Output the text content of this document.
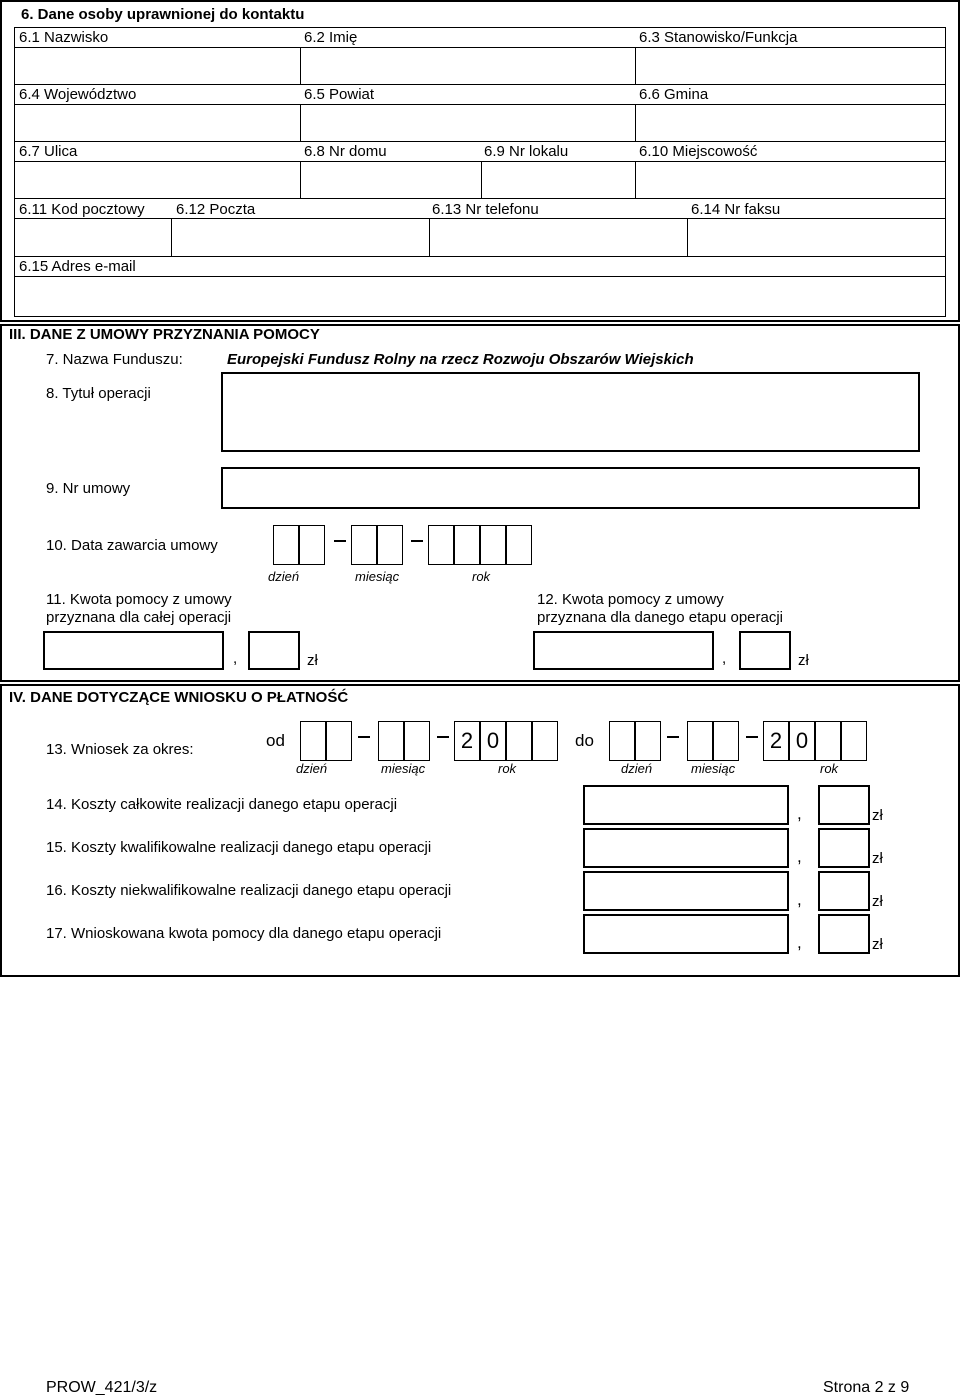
6. Dane osoby uprawnionej do kontaktu
6.1 Nazwisko	6.2 Imię	6.3 Stanowisko/Funkcja
6.4 Województwo	6.5 Powiat	6.6 Gmina
6.7 Ulica	6.8 Nr domu	6.9 Nr lokalu	6.10 Miejscowość
6.11 Kod pocztowy 6.12 Poczta	6.13 Nr telefonu	6.14 Nr faksu
6.15 Adres e-mail
III. DANE Z UMOWY PRZYZNANIA POMOCY
7. Nazwa Funduszu:	Europejski Fundusz Rolny na rzecz Rozwoju Obszarów Wiejskich
8. Tytuł operacji
9. Nr umowy
10. Data zawarcia umowy
dzień	miesiąc	rok
11. Kwota pomocy z umowy
przyznana dla całej operacji
12. Kwota pomocy z umowy
przyznana dla danego etapu operacji
,	zł	,	zł
IV. DANE DOTYCZĄCE WNIOSKU O PŁATNOŚĆ
13. Wniosek za okres:	od	2 0	do	2 0
dzień	miesiąc	rok	dzień	miesiąc	rok
14. Koszty całkowite realizacji danego etapu operacji	,	zł
15. Koszty kwalifikowalne realizacji danego etapu operacji	,	zł
16. Koszty niekwalifikowalne realizacji danego etapu operacji	,	zł
17. Wnioskowana kwota pomocy dla danego etapu operacji	,	zł
PROW_421/3/z	Strona 2 z 9
